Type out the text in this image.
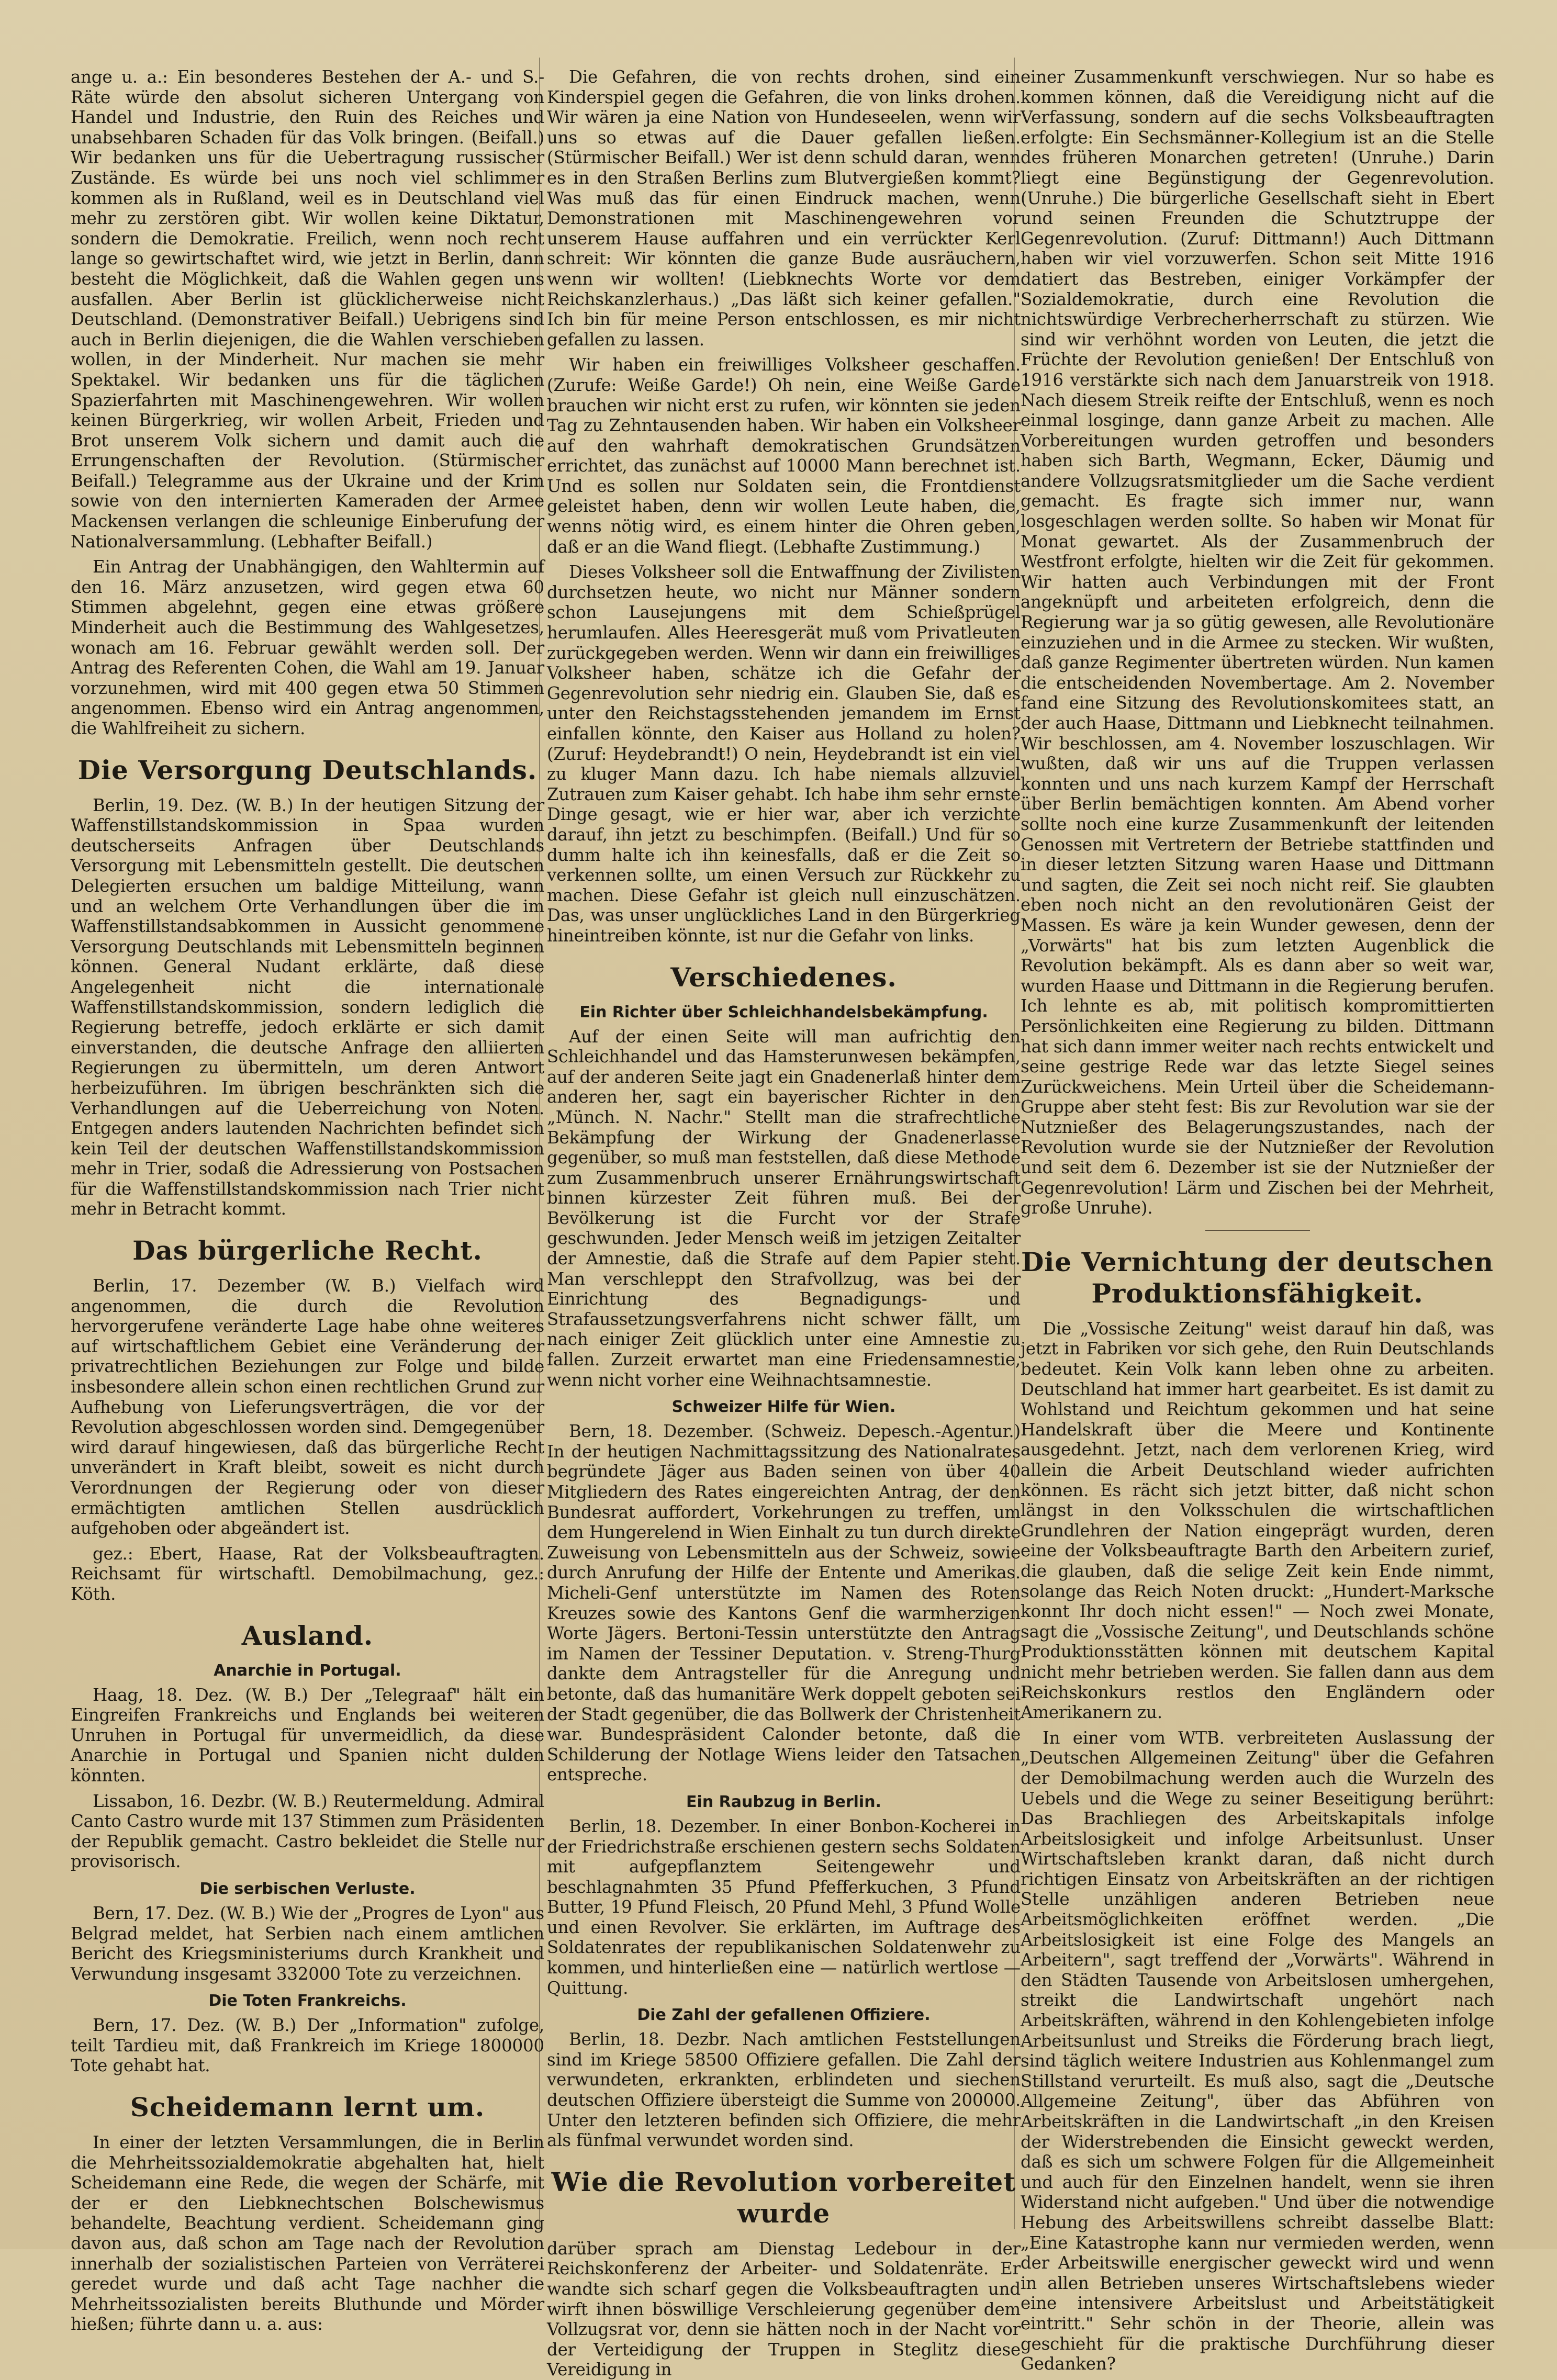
ange u. a.: Ein besonderes Bestehen der A.- und S.-Räte würde den absolut sicheren Untergang von Handel und Industrie, den Ruin des Reiches und unabsehbaren Schaden für das Volk bringen. (Beifall.) Wir bedanken uns für die Uebertragung russischer Zustände. Es würde bei uns noch viel schlimmer kommen als in Rußland, weil es in Deutschland viel mehr zu zerstören gibt. Wir wollen keine Diktatur, sondern die Demokratie. Freilich, wenn noch recht lange so gewirtschaftet wird, wie jetzt in Berlin, dann besteht die Möglichkeit, daß die Wahlen gegen uns ausfallen. Aber Berlin ist glücklicherweise nicht Deutschland. (Demonstrativer Beifall.) Uebrigens sind auch in Berlin diejenigen, die die Wahlen verschieben wollen, in der Minderheit. Nur machen sie mehr Spektakel. Wir bedanken uns für die täglichen Spazierfahrten mit Maschinengewehren. Wir wollen keinen Bürgerkrieg, wir wollen Arbeit, Frieden und Brot unserem Volk sichern und damit auch die Errungenschaften der Revolution. (Stürmischer Beifall.) Telegramme aus der Ukraine und der Krim sowie von den internierten Kameraden der Armee Mackensen verlangen die schleunige Einberufung der Nationalversammlung. (Lebhafter Beifall.)

Ein Antrag der Unabhängigen, den Wahltermin auf den 16. März anzusetzen, wird gegen etwa 60 Stimmen abgelehnt, gegen eine etwas größere Minderheit auch die Bestimmung des Wahlgesetzes, wonach am 16. Februar gewählt werden soll. Der Antrag des Referenten Cohen, die Wahl am 19. Januar vorzunehmen, wird mit 400 gegen etwa 50 Stimmen angenommen. Ebenso wird ein Antrag angenommen, die Wahlfreiheit zu sichern.

Die Versorgung Deutschlands.

Berlin, 19. Dez. (W. B.) In der heutigen Sitzung der Waffenstillstandskommission in Spaa wurden deutscherseits Anfragen über Deutschlands Versorgung mit Lebensmitteln gestellt. Die deutschen Delegierten ersuchen um baldige Mitteilung, wann und an welchem Orte Verhandlungen über die im Waffenstillstandsabkommen in Aussicht genommene Versorgung Deutschlands mit Lebensmitteln beginnen können. General Nudant erklärte, daß diese Angelegenheit nicht die internationale Waffenstillstandskommission, sondern lediglich die Regierung betreffe, jedoch erklärte er sich damit einverstanden, die deutsche Anfrage den alliierten Regierungen zu übermitteln, um deren Antwort herbeizuführen. Im übrigen beschränkten sich die Verhandlungen auf die Ueberreichung von Noten. Entgegen anders lautenden Nachrichten befindet sich kein Teil der deutschen Waffenstillstandskommission mehr in Trier, sodaß die Adressierung von Postsachen für die Waffenstillstandskommission nach Trier nicht mehr in Betracht kommt.

Das bürgerliche Recht.

Berlin, 17. Dezember (W. B.) Vielfach wird angenommen, die durch die Revolution hervorgerufene veränderte Lage habe ohne weiteres auf wirtschaftlichem Gebiet eine Veränderung der privatrechtlichen Beziehungen zur Folge und bilde insbesondere allein schon einen rechtlichen Grund zur Aufhebung von Lieferungsverträgen, die vor der Revolution abgeschlossen worden sind. Demgegenüber wird darauf hingewiesen, daß das bürgerliche Recht unverändert in Kraft bleibt, soweit es nicht durch Verordnungen der Regierung oder von dieser ermächtigten amtlichen Stellen ausdrücklich aufgehoben oder abgeändert ist.

gez.: Ebert, Haase, Rat der Volksbeauftragten. Reichsamt für wirtschaftl. Demobilmachung, gez.: Köth.

Ausland.
Anarchie in Portugal.

Haag, 18. Dez. (W. B.) Der „Telegraaf" hält ein Eingreifen Frankreichs und Englands bei weiteren Unruhen in Portugal für unvermeidlich, da diese Anarchie in Portugal und Spanien nicht dulden könnten.

Lissabon, 16. Dezbr. (W. B.) Reutermeldung. Admiral Canto Castro wurde mit 137 Stimmen zum Präsidenten der Republik gemacht. Castro bekleidet die Stelle nur provisorisch.

Die serbischen Verluste.

Bern, 17. Dez. (W. B.) Wie der „Progres de Lyon" aus Belgrad meldet, hat Serbien nach einem amtlichen Bericht des Kriegsministeriums durch Krankheit und Verwundung insgesamt 332000 Tote zu verzeichnen.

Die Toten Frankreichs.

Bern, 17. Dez. (W. B.) Der „Information" zufolge, teilt Tardieu mit, daß Frankreich im Kriege 1800000 Tote gehabt hat.

Scheidemann lernt um.

In einer der letzten Versammlungen, die in Berlin die Mehrheitssozialdemokratie abgehalten hat, hielt Scheidemann eine Rede, die wegen der Schärfe, mit der er den Liebknechtschen Bolschewismus behandelte, Beachtung verdient. Scheidemann ging davon aus, daß schon am Tage nach der Revolution innerhalb der sozialistischen Parteien von Verräterei geredet wurde und daß acht Tage nachher die Mehrheitssozialisten bereits Bluthunde und Mörder hießen; führte dann u. a. aus:

Die Gefahren, die von rechts drohen, sind ein Kinderspiel gegen die Gefahren, die von links drohen. Wir wären ja eine Nation von Hundeseelen, wenn wir uns so etwas auf die Dauer gefallen ließen. (Stürmischer Beifall.) Wer ist denn schuld daran, wenn es in den Straßen Berlins zum Blutvergießen kommt? Was muß das für einen Eindruck machen, wenn Demonstrationen mit Maschinengewehren vor unserem Hause auffahren und ein verrückter Kerl schreit: Wir könnten die ganze Bude ausräuchern, wenn wir wollten! (Liebknechts Worte vor dem Reichskanzlerhaus.) „Das läßt sich keiner gefallen." Ich bin für meine Person entschlossen, es mir nicht gefallen zu lassen.

Wir haben ein freiwilliges Volksheer geschaffen. (Zurufe: Weiße Garde!) Oh nein, eine Weiße Garde brauchen wir nicht erst zu rufen, wir könnten sie jeden Tag zu Zehntausenden haben. Wir haben ein Volksheer auf den wahrhaft demokratischen Grundsätzen errichtet, das zunächst auf 10000 Mann berechnet ist. Und es sollen nur Soldaten sein, die Frontdienst geleistet haben, denn wir wollen Leute haben, die, wenns nötig wird, es einem hinter die Ohren geben, daß er an die Wand fliegt. (Lebhafte Zustimmung.)

Dieses Volksheer soll die Entwaffnung der Zivilisten durchsetzen heute, wo nicht nur Männer sondern schon Lausejungens mit dem Schießprügel herumlaufen. Alles Heeresgerät muß vom Privatleuten zurückgegeben werden. Wenn wir dann ein freiwilliges Volksheer haben, schätze ich die Gefahr der Gegenrevolution sehr niedrig ein. Glauben Sie, daß es unter den Reichstagsstehenden jemandem im Ernst einfallen könnte, den Kaiser aus Holland zu holen? (Zuruf: Heydebrandt!) O nein, Heydebrandt ist ein viel zu kluger Mann dazu. Ich habe niemals allzuviel Zutrauen zum Kaiser gehabt. Ich habe ihm sehr ernste Dinge gesagt, wie er hier war, aber ich verzichte darauf, ihn jetzt zu beschimpfen. (Beifall.) Und für so dumm halte ich ihn keinesfalls, daß er die Zeit so verkennen sollte, um einen Versuch zur Rückkehr zu machen. Diese Gefahr ist gleich null einzuschätzen. Das, was unser unglückliches Land in den Bürgerkrieg hineintreiben könnte, ist nur die Gefahr von links.

Verschiedenes.
Ein Richter über Schleichhandelsbekämpfung.

Auf der einen Seite will man aufrichtig den Schleichhandel und das Hamsterunwesen bekämpfen, auf der anderen Seite jagt ein Gnadenerlaß hinter dem anderen her, sagt ein bayerischer Richter in den „Münch. N. Nachr." Stellt man die strafrechtliche Bekämpfung der Wirkung der Gnadenerlasse gegenüber, so muß man feststellen, daß diese Methode zum Zusammenbruch unserer Ernährungswirtschaft binnen kürzester Zeit führen muß. Bei der Bevölkerung ist die Furcht vor der Strafe geschwunden. Jeder Mensch weiß im jetzigen Zeitalter der Amnestie, daß die Strafe auf dem Papier steht. Man verschleppt den Strafvollzug, was bei der Einrichtung des Begnadigungs- und Strafaussetzungsverfahrens nicht schwer fällt, um nach einiger Zeit glücklich unter eine Amnestie zu fallen. Zurzeit erwartet man eine Friedensamnestie, wenn nicht vorher eine Weihnachtsamnestie.

Schweizer Hilfe für Wien.

Bern, 18. Dezember. (Schweiz. Depesch.-Agentur.) In der heutigen Nachmittagssitzung des Nationalrates begründete Jäger aus Baden seinen von über 40 Mitgliedern des Rates eingereichten Antrag, der den Bundesrat auffordert, Vorkehrungen zu treffen, um dem Hungerelend in Wien Einhalt zu tun durch direkte Zuweisung von Lebensmitteln aus der Schweiz, sowie durch Anrufung der Hilfe der Entente und Amerikas. Micheli-Genf unterstützte im Namen des Roten Kreuzes sowie des Kantons Genf die warmherzigen Worte Jägers. Bertoni-Tessin unterstützte den Antrag im Namen der Tessiner Deputation. v. Streng-Thurg dankte dem Antragsteller für die Anregung und betonte, daß das humanitäre Werk doppelt geboten sei der Stadt gegenüber, die das Bollwerk der Christenheit war. Bundespräsident Calonder betonte, daß die Schilderung der Notlage Wiens leider den Tatsachen entspreche.

Ein Raubzug in Berlin.

Berlin, 18. Dezember. In einer Bonbon-Kocherei in der Friedrichstraße erschienen gestern sechs Soldaten mit aufgepflanztem Seitengewehr und beschlagnahmten 35 Pfund Pfefferkuchen, 3 Pfund Butter, 19 Pfund Fleisch, 20 Pfund Mehl, 3 Pfund Wolle und einen Revolver. Sie erklärten, im Auftrage des Soldatenrates der republikanischen Soldatenwehr zu kommen, und hinterließen eine — natürlich wertlose — Quittung.

Die Zahl der gefallenen Offiziere.

Berlin, 18. Dezbr. Nach amtlichen Feststellungen sind im Kriege 58500 Offiziere gefallen. Die Zahl der verwundeten, erkrankten, erblindeten und siechen deutschen Offiziere übersteigt die Summe von 200000. Unter den letzteren befinden sich Offiziere, die mehr als fünfmal verwundet worden sind.

Wie die Revolution vorbereitet wurde

darüber sprach am Dienstag Ledebour in der Reichskonferenz der Arbeiter- und Soldatenräte. Er wandte sich scharf gegen die Volksbeauftragten und wirft ihnen böswillige Verschleierung gegenüber dem Vollzugsrat vor, denn sie hätten noch in der Nacht vor der Verteidigung der Truppen in Steglitz diese Vereidigung in

einer Zusammenkunft verschwiegen. Nur so habe es kommen können, daß die Vereidigung nicht auf die Verfassung, sondern auf die sechs Volksbeauftragten erfolgte: Ein Sechsmänner-Kollegium ist an die Stelle des früheren Monarchen getreten! (Unruhe.) Darin liegt eine Begünstigung der Gegenrevolution. (Unruhe.) Die bürgerliche Gesellschaft sieht in Ebert und seinen Freunden die Schutztruppe der Gegenrevolution. (Zuruf: Dittmann!) Auch Dittmann haben wir viel vorzuwerfen. Schon seit Mitte 1916 datiert das Bestreben, einiger Vorkämpfer der Sozialdemokratie, durch eine Revolution die nichtswürdige Verbrecherherrschaft zu stürzen. Wie sind wir verhöhnt worden von Leuten, die jetzt die Früchte der Revolution genießen! Der Entschluß von 1916 verstärkte sich nach dem Januarstreik von 1918. Nach diesem Streik reifte der Entschluß, wenn es noch einmal losginge, dann ganze Arbeit zu machen. Alle Vorbereitungen wurden getroffen und besonders haben sich Barth, Wegmann, Ecker, Däumig und andere Vollzugsratsmitglieder um die Sache verdient gemacht. Es fragte sich immer nur, wann losgeschlagen werden sollte. So haben wir Monat für Monat gewartet. Als der Zusammenbruch der Westfront erfolgte, hielten wir die Zeit für gekommen. Wir hatten auch Verbindungen mit der Front angeknüpft und arbeiteten erfolgreich, denn die Regierung war ja so gütig gewesen, alle Revolutionäre einzuziehen und in die Armee zu stecken. Wir wußten, daß ganze Regimenter übertreten würden. Nun kamen die entscheidenden Novembertage. Am 2. November fand eine Sitzung des Revolutionskomitees statt, an der auch Haase, Dittmann und Liebknecht teilnahmen. Wir beschlossen, am 4. November loszuschlagen. Wir wußten, daß wir uns auf die Truppen verlassen konnten und uns nach kurzem Kampf der Herrschaft über Berlin bemächtigen konnten. Am Abend vorher sollte noch eine kurze Zusammenkunft der leitenden Genossen mit Vertretern der Betriebe stattfinden und in dieser letzten Sitzung waren Haase und Dittmann und sagten, die Zeit sei noch nicht reif. Sie glaubten eben noch nicht an den revolutionären Geist der Massen. Es wäre ja kein Wunder gewesen, denn der „Vorwärts" hat bis zum letzten Augenblick die Revolution bekämpft. Als es dann aber so weit war, wurden Haase und Dittmann in die Regierung berufen. Ich lehnte es ab, mit politisch kompromittierten Persönlichkeiten eine Regierung zu bilden. Dittmann hat sich dann immer weiter nach rechts entwickelt und seine gestrige Rede war das letzte Siegel seines Zurückweichens. Mein Urteil über die Scheidemann-Gruppe aber steht fest: Bis zur Revolution war sie der Nutznießer des Belagerungszustandes, nach der Revolution wurde sie der Nutznießer der Revolution und seit dem 6. Dezember ist sie der Nutznießer der Gegenrevolution! Lärm und Zischen bei der Mehrheit, große Unruhe).

Die Vernichtung der deutschen Produktionsfähigkeit.

Die „Vossische Zeitung" weist darauf hin daß, was jetzt in Fabriken vor sich gehe, den Ruin Deutschlands bedeutet. Kein Volk kann leben ohne zu arbeiten. Deutschland hat immer hart gearbeitet. Es ist damit zu Wohlstand und Reichtum gekommen und hat seine Handelskraft über die Meere und Kontinente ausgedehnt. Jetzt, nach dem verlorenen Krieg, wird allein die Arbeit Deutschland wieder aufrichten können. Es rächt sich jetzt bitter, daß nicht schon längst in den Volksschulen die wirtschaftlichen Grundlehren der Nation eingeprägt wurden, deren eine der Volksbeauftragte Barth den Arbeitern zurief, die glauben, daß die selige Zeit kein Ende nimmt, solange das Reich Noten druckt: „Hundert-Marksche konnt Ihr doch nicht essen!" — Noch zwei Monate, sagt die „Vossische Zeitung", und Deutschlands schöne Produktionsstätten können mit deutschem Kapital nicht mehr betrieben werden. Sie fallen dann aus dem Reichskonkurs restlos den Engländern oder Amerikanern zu.

In einer vom WTB. verbreiteten Auslassung der „Deutschen Allgemeinen Zeitung" über die Gefahren der Demobilmachung werden auch die Wurzeln des Uebels und die Wege zu seiner Beseitigung berührt: Das Brachliegen des Arbeitskapitals infolge Arbeitslosigkeit und infolge Arbeitsunlust. Unser Wirtschaftsleben krankt daran, daß nicht durch richtigen Einsatz von Arbeitskräften an der richtigen Stelle unzähligen anderen Betrieben neue Arbeitsmöglichkeiten eröffnet werden. „Die Arbeitslosigkeit ist eine Folge des Mangels an Arbeitern", sagt treffend der „Vorwärts". Während in den Städten Tausende von Arbeitslosen umhergehen, streikt die Landwirtschaft ungehört nach Arbeitskräften, während in den Kohlengebieten infolge Arbeitsunlust und Streiks die Förderung brach liegt, sind täglich weitere Industrien aus Kohlenmangel zum Stillstand verurteilt. Es muß also, sagt die „Deutsche Allgemeine Zeitung", über das Abführen von Arbeitskräften in die Landwirtschaft „in den Kreisen der Widerstrebenden die Einsicht geweckt werden, daß es sich um schwere Folgen für die Allgemeinheit und auch für den Einzelnen handelt, wenn sie ihren Widerstand nicht aufgeben." Und über die notwendige Hebung des Arbeitswillens schreibt dasselbe Blatt: „Eine Katastrophe kann nur vermieden werden, wenn der Arbeitswille energischer geweckt wird und wenn in allen Betrieben unseres Wirtschaftslebens wieder eine intensivere Arbeitslust und Arbeitstätigkeit eintritt." Sehr schön in der Theorie, allein was geschieht für die praktische Durchführung dieser Gedanken?
